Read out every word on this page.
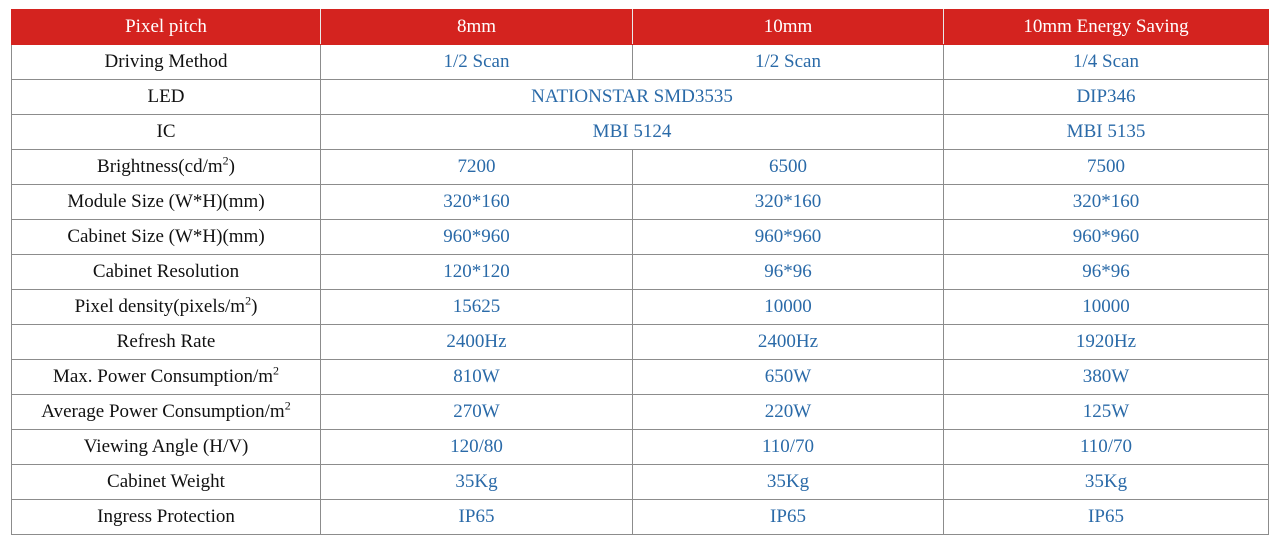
Pixel pitch	8mm	10mm	10mm Energy Saving
Driving Method	1/2 Scan	1/2 Scan	1/4 Scan
LED	NATIONSTAR SMD3535		DIP346
IC	MBI 5124		MBI 5135
$Brightness(cd/m^2)$	7200	6500	7500
Module Size (W*H)(mm)	320*160	320*160	320*160
Cabinet Size (W*H)(mm)	960*960	960*960	960*960
Cabinet Resolution	120*120	96*96	96*96
Pixel $density(pixels/m^2)$	15625	10000	10000
Refresh Rate	2400Hz	2400Hz	1920Hz
Max. Power Consumption/$m^2$	810W	650W	380W
Average Power Consumption/$m^2$	270W	220W	125W
Viewing Angle (H/V)	120/80	110/70	110/70
Cabinet Weight	35Kg	35Kg	35Kg
Ingress Protection	IP65	IP65	IP65
